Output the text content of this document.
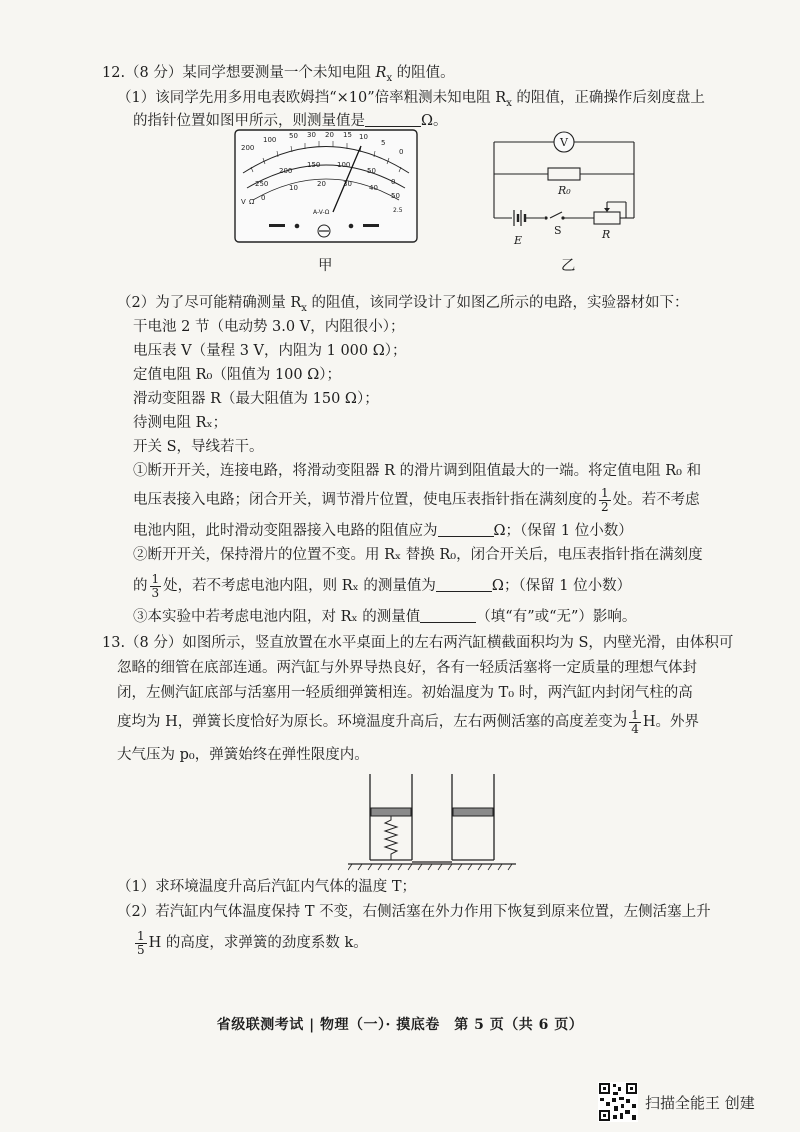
12.（8 分）某同学想要测量一个未知电阻 $R_x$ 的阻值。
（1）该同学先用多用电表欧姆挡“×10”倍率粗测未知电阻 $R_x$ 的阻值，正确操作后刻度盘上
的指针位置如图甲所示，则测量值是	Ω。
200
100 50 30 20 15 10
5
0
250
200
150 100
50
0
0
10	20 30 40
50
V Ω
A-V-Ω	2.5
甲
V
R₀
E
S	R
乙
（2）为了尽可能精确测量 $R_x$ 的阻值，该同学设计了如图乙所示的电路，实验器材如下：
干电池 2 节（电动势 3.0 V，内阻很小）；
电压表 V（量程 3 V，内阻为 1 000 Ω）；
定值电阻 R₀（阻值为 100 Ω）；
滑动变阻器 R（最大阻值为 150 Ω）；
待测电阻 Rₓ；
开关 S，导线若干。
①断开开关，连接电路，将滑动变阻器 R 的滑片调到阻值最大的一端。将定值电阻 R₀ 和
电压表接入电路；闭合开关，调节滑片位置，使电压表指针指在满刻度的 $\frac{1}{2}$ 处。若不考虑
电池内阻，此时滑动变阻器接入电路的阻值应为	Ω；（保留 1 位小数）
②断开开关，保持滑片的位置不变。用 Rₓ 替换 R₀，闭合开关后，电压表指针指在满刻度
的 $\frac{1}{3}$ 处，若不考虑电池内阻，则 Rₓ 的测量值为	Ω；（保留 1 位小数）
③本实验中若考虑电池内阻，对 Rₓ 的测量值	（填“有”或“无”）影响。
13.（8 分）如图所示，竖直放置在水平桌面上的左右两汽缸横截面积均为 S，内壁光滑，由体积可
忽略的细管在底部连通。两汽缸与外界导热良好，各有一轻质活塞将一定质量的理想气体封
闭，左侧汽缸底部与活塞用一轻质细弹簧相连。初始温度为 T₀ 时，两汽缸内封闭气柱的高
度均为 H，弹簧长度恰好为原长。环境温度升高后，左右两侧活塞的高度差变为 $\frac{1}{4}$ H。外界
大气压为 p₀，弹簧始终在弹性限度内。
（1）求环境温度升高后汽缸内气体的温度 T；
（2）若汽缸内气体温度保持 T 不变，右侧活塞在外力作用下恢复到原来位置，左侧活塞上升
$\frac{1}{5}$ H 的高度，求弹簧的劲度系数 k。
省级联测考试 | 物理（一）· 摸底卷　第 5 页（共 6 页）
扫描全能王 创建
